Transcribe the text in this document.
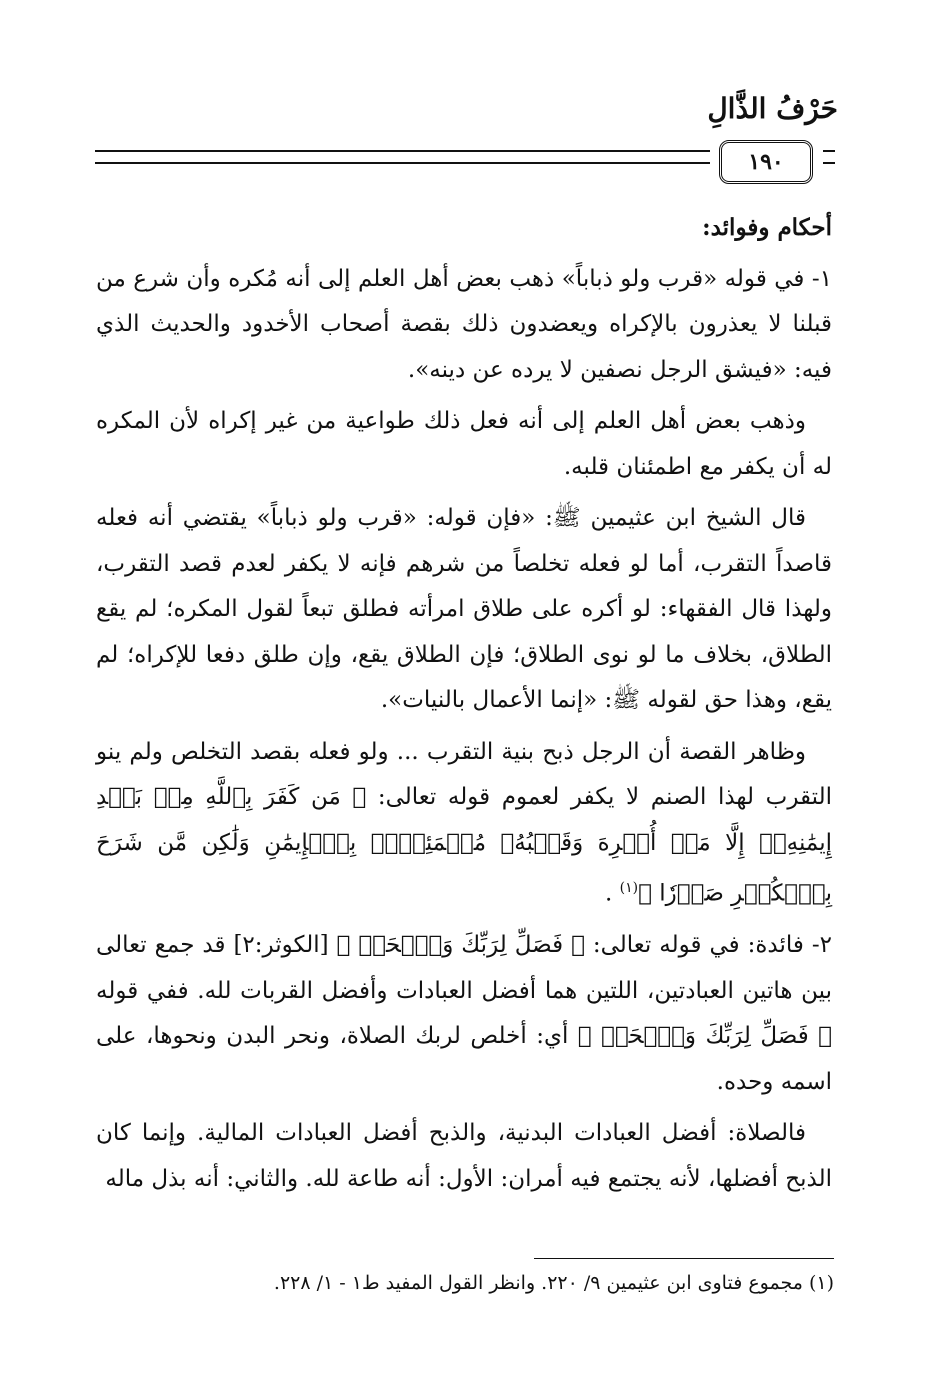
حَرْفُ الذَّالِ
١٩٠

أحكام وفوائد:

١- في قوله «قرب ولو ذباباً» ذهب بعض أهل العلم إلى أنه مُكره وأن شرع من قبلنا لا يعذرون بالإكراه ويعضدون ذلك بقصة أصحاب الأخدود والحديث الذي فيه: «فيشق الرجل نصفين لا يرده عن دينه».

وذهب بعض أهل العلم إلى أنه فعل ذلك طواعية من غير إكراه لأن المكره له أن يكفر مع اطمئنان قلبه.

قال الشيخ ابن عثيمين ﷺ: «فإن قوله: «قرب ولو ذباباً» يقتضي أنه فعله قاصداً التقرب، أما لو فعله تخلصاً من شرهم فإنه لا يكفر لعدم قصد التقرب، ولهذا قال الفقهاء: لو أكره على طلاق امرأته فطلق تبعاً لقول المكره؛ لم يقع الطلاق، بخلاف ما لو نوى الطلاق؛ فإن الطلاق يقع، وإن طلق دفعا للإكراه؛ لم يقع، وهذا حق لقوله ﷺ: «إنما الأعمال بالنيات».

وظاهر القصة أن الرجل ذبح بنية التقرب ... ولو فعله بقصد التخلص ولم ينو التقرب لهذا الصنم لا يكفر لعموم قوله تعالى: ﴿ مَن كَفَرَ بِٱللَّهِ مِنۢ بَعۡدِ إِيمَٰنِهِۦٓ إِلَّا مَنۡ أُكۡرِهَ وَقَلۡبُهُۥ مُطۡمَئِنُّۢ بِٱلۡإِيمَٰنِ وَلَٰكِن مَّن شَرَحَ بِٱلۡكُفۡرِ صَدۡرٗا ﴾$^{(١)}$ .

٢- فائدة: في قوله تعالى: ﴿ فَصَلِّ لِرَبِّكَ وَٱنۡحَرۡ ﴾ [الكوثر:٢] قد جمع تعالى بين هاتين العبادتين، اللتين هما أفضل العبادات وأفضل القربات لله. ففي قوله ﴿ فَصَلِّ لِرَبِّكَ وَٱنۡحَرۡ ﴾ أي: أخلص لربك الصلاة، ونحر البدن ونحوها، على اسمه وحده.

فالصلاة: أفضل العبادات البدنية، والذبح أفضل العبادات المالية. وإنما كان الذبح أفضلها، لأنه يجتمع فيه أمران: الأول: أنه طاعة لله. والثاني: أنه بذل ماله

(١) مجموع فتاوى ابن عثيمين ٩/ ٢٢٠. وانظر القول المفيد ط١ - ١/ ٢٢٨.
